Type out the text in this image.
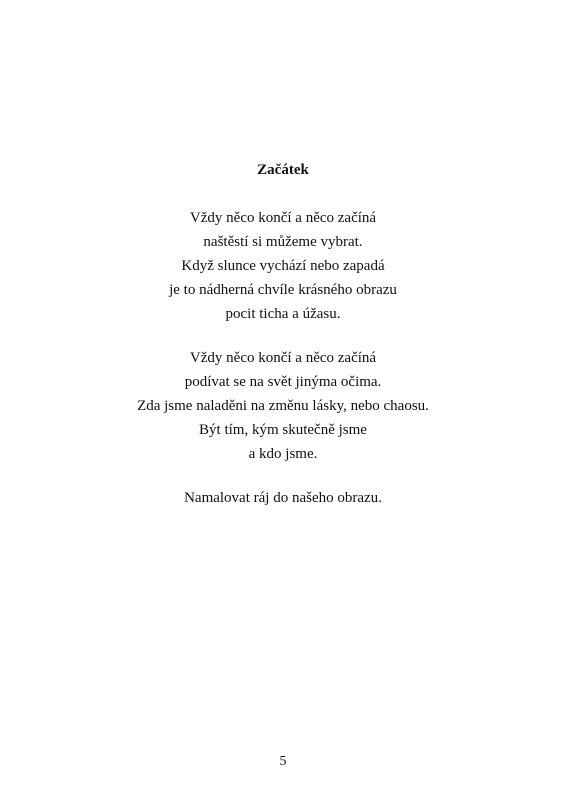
Začátek
Vždy něco končí a něco začíná
naštěstí si můžeme vybrat.
Když slunce vychází nebo zapadá
je to nádherná chvíle krásného obrazu
pocit ticha a úžasu.
Vždy něco končí a něco začíná
podívat se na svět jinýma očima.
Zda jsme naladěni na změnu lásky, nebo chaosu.
Být tím, kým skutečně jsme
a kdo jsme.
Namalovat ráj do našeho obrazu.
5
